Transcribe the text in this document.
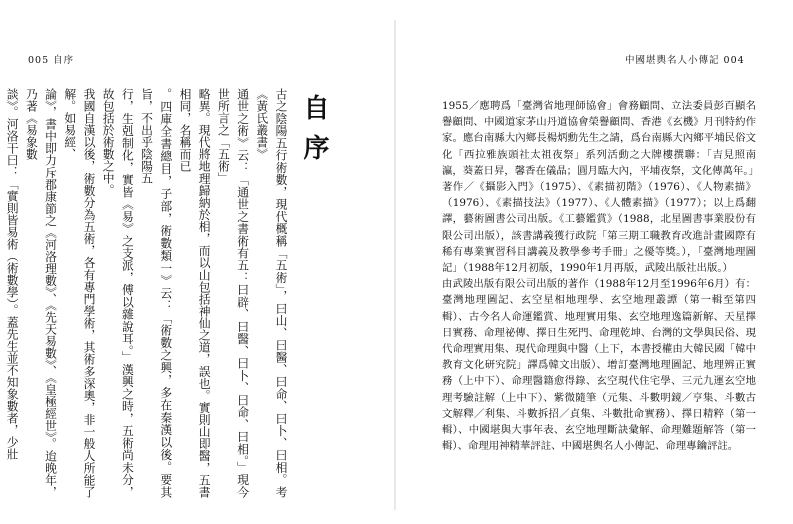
005 自序
古之陰陽五行術數，現代概稱「五術」，曰山、曰醫、曰命、曰卜、曰相。考《黃氏叢書》
通世之術》云：「通世之書術有五：曰辟、曰醫、曰卜、曰命、曰相。」現今世所言之「五術」
略異。現代將地理歸納於相，而以山包括神仙之道，誤也。實則山即醫，五書相同，名稱而已
。四庫全書總目，子部，術數類一》云：「術數之興，多在秦漢以後。要其旨，不出乎陰陽五
行，生剋制化，實皆《易》之支派，傅以雜說耳。」漢興之時，五術尚未分，故包括於術數之中。
我國自漢以後，術數分為五術，各有專門學術，其術多深奧，非一般人所能了解。如易經、
論》，書中即力斥郡康節之《河洛理數》、《先天易數》、《皇極經世》。迨晚年，乃著《易象數
談》。河洛干曰：「實則皆易術（術數學）。蓋先生並不知象數者，少壯	自序
中國堪輿名人小傳記 004

1955／應聘爲「臺灣省地理師協會」會務顧問、立法委員彭百顯名譽顧問、中國道家茅山丹道協會榮譽顧問、香港《玄機》月刊特約作家。應台南縣大內鄉長楊炳勳先生之請，爲台南縣大內鄉平埔民俗文化「西拉雅族頭社太祖夜祭」系列活動之大牌樓撰聯：「吉見照南瀛，葵蓋日昇，馨香在儀晶；圓月臨大內，平埔夜祭，文化傳萬年。」

著作／《攝影入門》（1975）、《素描初階》（1976）、《人物素描》（1976）、《素描技法》（1977）、《人體素描》（1977）；以上爲翻譯，藝術圖書公司出版。《工藝鑑賞》（1988，北星圖書事業股份有限公司出版），該書講義獲行政院「第三期工職教育改進計畫國際有稀有專業實習科目講義及教學參考手冊」之優等獎。），「臺灣地理圖記」（1988年12月初版，1990年1月再版，武陵出版社出版。）

由武陵出版有限公司出版的著作（1988年12月至1996年6月）有：臺灣地理圖記、玄空星相地理學、玄空地理叢譚（第一輯至第四輯）、古今名人命運鑑賞、地理實用集、玄空地理逸篇新解、天星擇日實務、命理祕傳、擇日生死門、命理乾坤、台灣的文學與民俗、現代命理實用集、現代命理與中醫（上下，本書授權由大韓民國「韓中教育文化研究院」譯爲韓文出版）、增訂臺灣地理圖記、地理辨正實務（上中下）、命理醫籍愈得錄、玄空現代住宅學、三元九運玄空地理考驗註解（上中下）、紫微隨筆（元集、斗數明鏡／亨集、斗數古文解釋／利集、斗數拆招／貞集、斗數批命實務）、擇日精粹（第一輯）、中國堪與大事年表、玄空地理斷訣彙解、命理難題解答（第一輯）、命理用神精華評註、中國堪輿名人小傳記、命理專鑰評註。
